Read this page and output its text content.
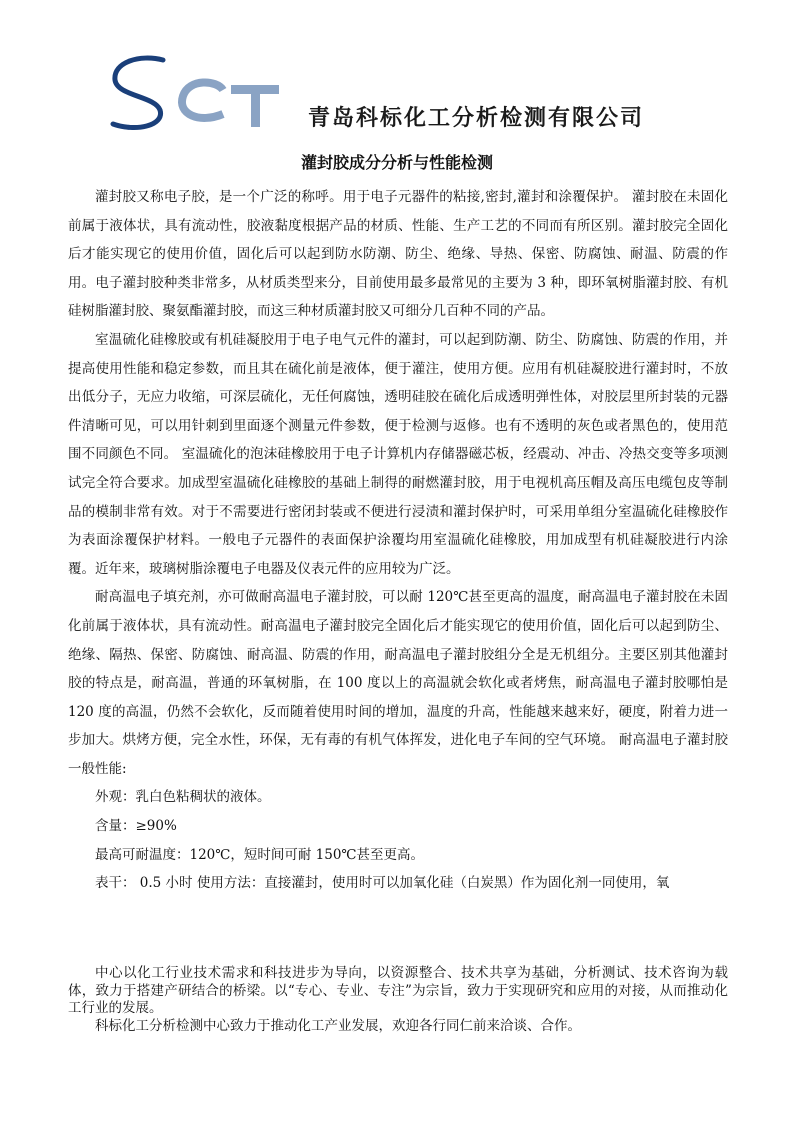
青岛科标化工分析检测有限公司
灌封胶成分分析与性能检测

灌封胶又称电子胶，是一个广泛的称呼。用于电子元器件的粘接,密封,灌封和涂覆保护。 灌封胶在未固化前属于液体状，具有流动性，胶液黏度根据产品的材质、性能、生产工艺的不同而有所区别。灌封胶完全固化后才能实现它的使用价值，固化后可以起到防水防潮、防尘、绝缘、导热、保密、防腐蚀、耐温、防震的作用。电子灌封胶种类非常多，从材质类型来分，目前使用最多最常见的主要为 3 种，即环氧树脂灌封胶、有机硅树脂灌封胶、聚氨酯灌封胶，而这三种材质灌封胶又可细分几百种不同的产品。

室温硫化硅橡胶或有机硅凝胶用于电子电气元件的灌封，可以起到防潮、防尘、防腐蚀、防震的作用，并提高使用性能和稳定参数，而且其在硫化前是液体，便于灌注，使用方便。应用有机硅凝胶进行灌封时，不放出低分子，无应力收缩，可深层硫化，无任何腐蚀，透明硅胶在硫化后成透明弹性体，对胶层里所封装的元器件清晰可见，可以用针刺到里面逐个测量元件参数，便于检测与返修。也有不透明的灰色或者黑色的，使用范围不同颜色不同。 室温硫化的泡沫硅橡胶用于电子计算机内存储器磁芯板，经震动、冲击、冷热交变等多项测试完全符合要求。加成型室温硫化硅橡胶的基础上制得的耐燃灌封胶，用于电视机高压帽及高压电缆包皮等制品的模制非常有效。对于不需要进行密闭封装或不便进行浸渍和灌封保护时，可采用单组分室温硫化硅橡胶作为表面涂覆保护材料。一般电子元器件的表面保护涂覆均用室温硫化硅橡胶，用加成型有机硅凝胶进行内涂覆。近年来，玻璃树脂涂覆电子电器及仪表元件的应用较为广泛。

耐高温电子填充剂，亦可做耐高温电子灌封胶，可以耐 120℃甚至更高的温度，耐高温电子灌封胶在未固化前属于液体状，具有流动性。耐高温电子灌封胶完全固化后才能实现它的使用价值，固化后可以起到防尘、绝缘、隔热、保密、防腐蚀、耐高温、防震的作用，耐高温电子灌封胶组分全是无机组分。主要区别其他灌封胶的特点是，耐高温，普通的环氧树脂，在 100 度以上的高温就会软化或者烤焦，耐高温电子灌封胶哪怕是 120 度的高温，仍然不会软化，反而随着使用时间的增加，温度的升高，性能越来越来好，硬度，附着力进一步加大。烘烤方便，完全水性，环保，无有毒的有机气体挥发，进化电子车间的空气环境。 耐高温电子灌封胶一般性能:

外观：乳白色粘稠状的液体。

含量：≥90%

最高可耐温度：120℃，短时间可耐 150℃甚至更高。

表干： 0.5 小时 使用方法：直接灌封，使用时可以加氧化硅（白炭黑）作为固化剂一同使用，氧

中心以化工行业技术需求和科技进步为导向，以资源整合、技术共享为基础，分析测试、技术咨询为载体，致力于搭建产研结合的桥梁。以“专心、专业、专注”为宗旨，致力于实现研究和应用的对接，从而推动化工行业的发展。

科标化工分析检测中心致力于推动化工产业发展，欢迎各行同仁前来洽谈、合作。
